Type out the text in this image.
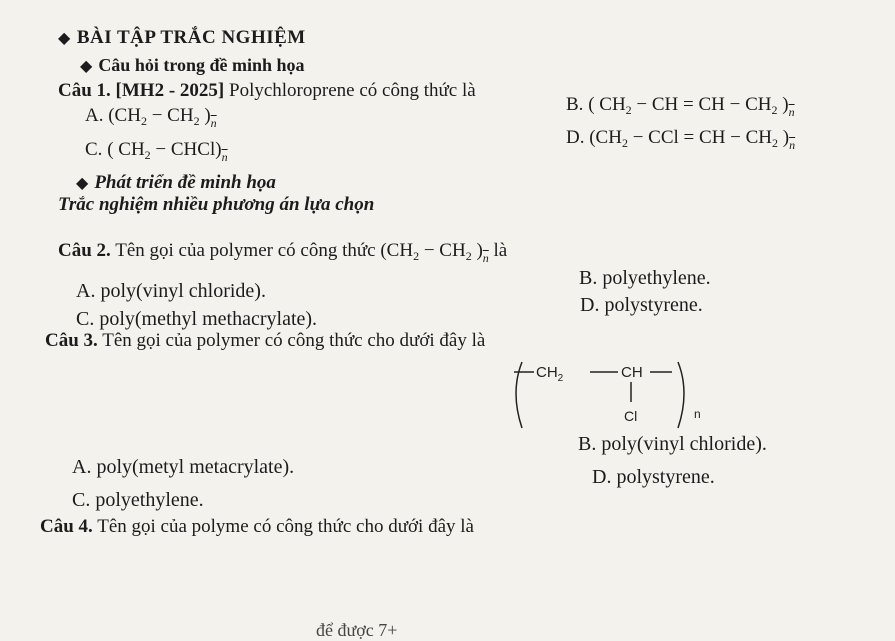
◆ BÀI TẬP TRẮC NGHIỆM
◆ Câu hỏi trong đề minh họa
Câu 1. [MH2 - 2025] Polychloroprene có công thức là
A. ($CH_2 - CH_2$ )$_{\overline{n}}$
B. ( $CH_2$ − CH = CH − $CH_2$ )$_{\overline{n}}$
C. ( $CH_2$ − $CHCl)_{\overline{n}}$
D. ($CH_2$ − CCl = CH − $CH_2$ )$_{\overline{n}}$
◆ Phát triển đề minh họa
Trắc nghiệm nhiều phương án lựa chọn
Câu 2. Tên gọi của polymer có công thức ($CH_2 - CH_2$ )$_{\overline{n}}$ là
B. polyethylene.
A. poly(vinyl chloride).
D. polystyrene.
C. poly(methyl methacrylate).
Câu 3. Tên gọi của polymer có công thức cho dưới đây là
$CH_2$	CH
Cl	n
B. poly(vinyl chloride).
A. poly(metyl metacrylate).	D. polystyrene.
C. polyethylene.
Câu 4. Tên gọi của polyme có công thức cho dưới đây là
để được 7+
